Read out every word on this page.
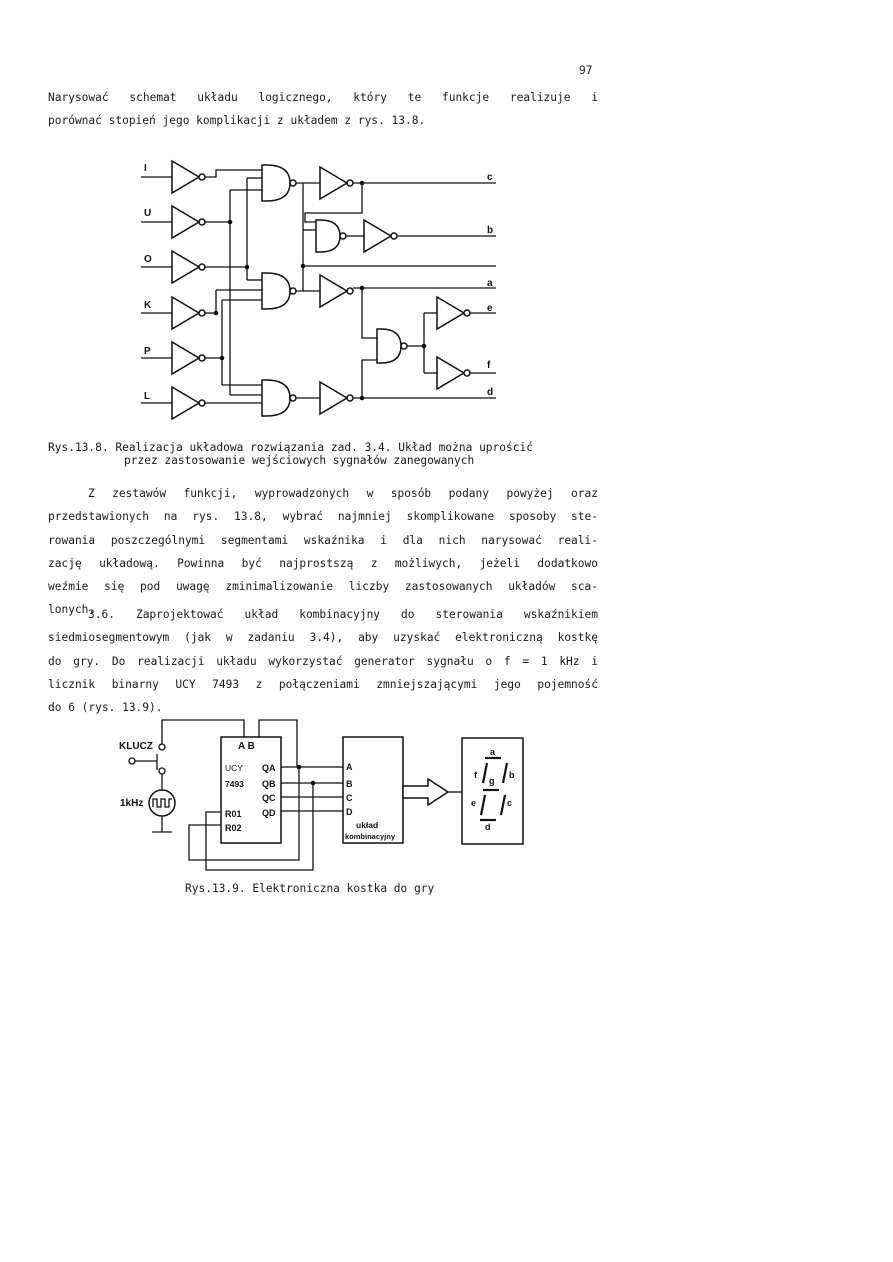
97
Narysować schemat układu logicznego, który te funkcje realizuje i
porównać stopień jego komplikacji z układem z rys. 13.8.
I
U
O
K
P
L
c
b
a
e
f
d
Rys.13.8. Realizacja układowa rozwiązania zad. 3.4. Układ można uprościć
przez zastosowanie wejściowych sygnałów zanegowanych
Z zestawów funkcji, wyprowadzonych w sposób podany powyżej oraz
przedstawionych na rys. 13.8, wybrać najmniej skomplikowane sposoby ste-
rowania poszczególnymi segmentami wskaźnika i dla nich narysować reali-
zację układową. Powinna być najprostszą z możliwych, jeżeli dodatkowo
weźmie się pod uwagę zminimalizowanie liczby zastosowanych układów sca-
lonych.
3.6. Zaprojektować układ kombinacyjny do sterowania wskaźnikiem
siedmiosegmentowym (jak w zadaniu 3.4), aby uzyskać elektroniczną kostkę
do gry. Do realizacji układu wykorzystać generator sygnału o f = 1 kHz i
licznik binarny UCY 7493 z połączeniami zmniejszającymi jego pojemność
do 6 (rys. 13.9).
KLUCZ
1kHz
A B
UCY
7493
R01
R02
QA
QB
QC
QD
A
B
C
D
układ
kombinacyjny
a
b
c
d
e
f
g
Rys.13.9. Elektroniczna kostka do gry
